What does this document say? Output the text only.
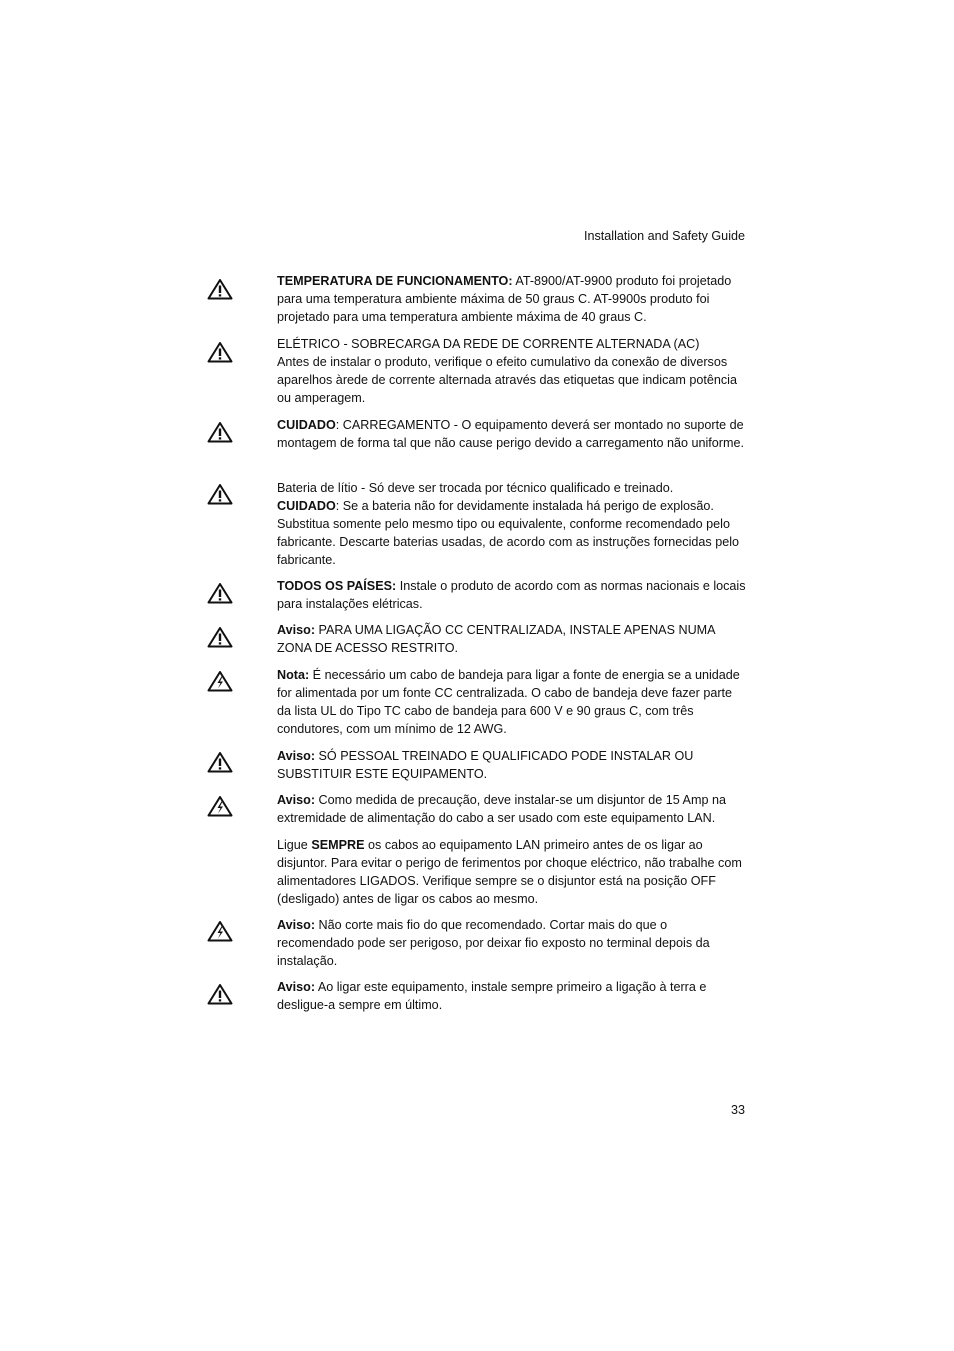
Installation and Safety Guide

TEMPERATURA DE FUNCIONAMENTO: AT-8900/AT-9900 produto foi projetado para uma temperatura ambiente máxima de 50 graus C. AT-9900s produto foi projetado para uma temperatura ambiente máxima de 40 graus C.

ELÉTRICO - SOBRECARGA DA REDE DE CORRENTE ALTERNADA (AC)

Antes de instalar o produto, verifique o efeito cumulativo da conexão de diversos aparelhos àrede de corrente alternada através das etiquetas que indicam potência ou amperagem.

CUIDADO: CARREGAMENTO - O equipamento deverá ser montado no suporte de montagem de forma tal que não cause perigo devido a carregamento não uniforme.

Bateria de lítio - Só deve ser trocada por técnico qualificado e treinado.

CUIDADO: Se a bateria não for devidamente instalada há perigo de explosão. Substitua somente pelo mesmo tipo ou equivalente, conforme recomendado pelo fabricante. Descarte baterias usadas, de acordo com as instruções fornecidas pelo fabricante.

TODOS OS PAÍSES: Instale o produto de acordo com as normas nacionais e locais para instalações elétricas.

Aviso: PARA UMA LIGAÇÃO CC CENTRALIZADA, INSTALE APENAS NUMA ZONA DE ACESSO RESTRITO.

Nota: É necessário um cabo de bandeja para ligar a fonte de energia se a unidade for alimentada por um fonte CC centralizada. O cabo de bandeja deve fazer parte da lista UL do Tipo TC cabo de bandeja para 600 V e 90 graus C, com três condutores, com um mínimo de 12 AWG.

Aviso: SÓ PESSOAL TREINADO E QUALIFICADO PODE INSTALAR OU SUBSTITUIR ESTE EQUIPAMENTO.

Aviso: Como medida de precaução, deve instalar-se um disjuntor de 15 Amp na extremidade de alimentação do cabo a ser usado com este equipamento LAN.

Ligue SEMPRE os cabos ao equipamento LAN primeiro antes de os ligar ao disjuntor. Para evitar o perigo de ferimentos por choque eléctrico, não trabalhe com alimentadores LIGADOS. Verifique sempre se o disjuntor está na posição OFF (desligado) antes de ligar os cabos ao mesmo.

Aviso: Não corte mais fio do que recomendado. Cortar mais do que o recomendado pode ser perigoso, por deixar fio exposto no terminal depois da instalação.

Aviso: Ao ligar este equipamento, instale sempre primeiro a ligação à terra e desligue-a sempre em último.

33
